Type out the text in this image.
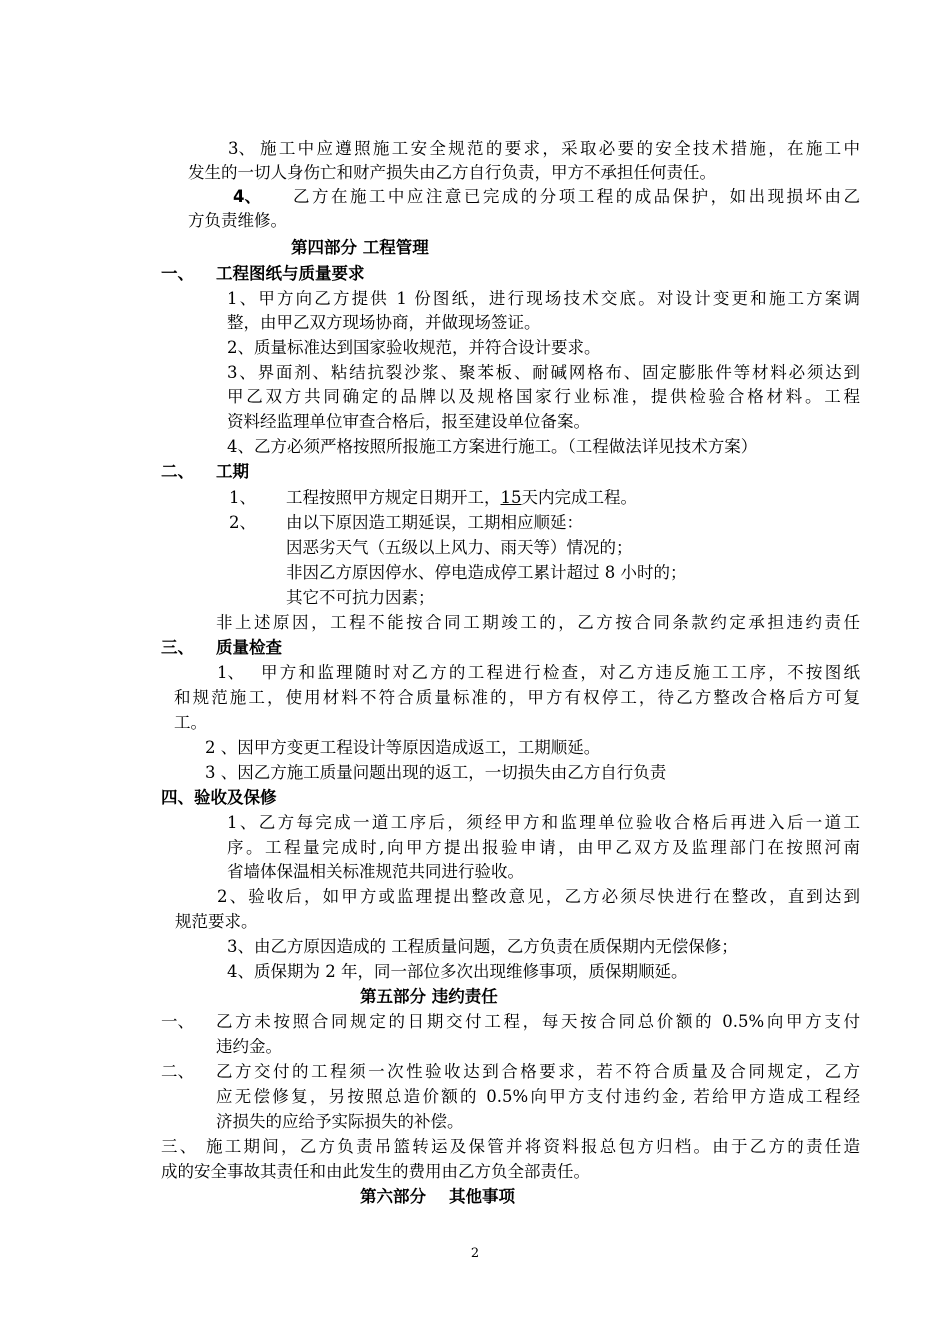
3、 施工中应遵照施工安全规范的要求，采取必要的安全技术措施，在施工中
发生的一切人身伤亡和财产损失由乙方自行负责，甲方不承担任何责任。
4、 乙方在施工中应注意已完成的分项工程的成品保护，如出现损坏由乙
方负责维修。
第四部分 工程管理
一、 工程图纸与质量要求
1、甲方向乙方提供 1 份图纸，进行现场技术交底。对设计变更和施工方案调
整，由甲乙双方现场协商，并做现场签证。
2、质量标准达到国家验收规范，并符合设计要求。
3、界面剂、粘结抗裂沙浆、聚苯板、耐碱网格布、固定膨胀件等材料必须达到
甲乙双方共同确定的品牌以及规格国家行业标准，提供检验合格材料。工程
资料经监理单位审查合格后，报至建设单位备案。
4、乙方必须严格按照所报施工方案进行施工。（工程做法详见技术方案）
二、 工期
1、 工程按照甲方规定日期开工，15天内完成工程。
2、 由以下原因造工期延误，工期相应顺延：
因恶劣天气（五级以上风力、雨天等）情况的；
非因乙方原因停水、停电造成停工累计超过 8 小时的；
其它不可抗力因素；
非上述原因，工程不能按合同工期竣工的，乙方按合同条款约定承担违约责任
三、 质量检查
1、 甲方和监理随时对乙方的工程进行检查，对乙方违反施工工序，不按图纸
和规范施工，使用材料不符合质量标准的，甲方有权停工，待乙方整改合格后方可复
工。
2 、因甲方变更工程设计等原因造成返工，工期顺延。
3 、因乙方施工质量问题出现的返工，一切损失由乙方自行负责
四、验收及保修
1、乙方每完成一道工序后，须经甲方和监理单位验收合格后再进入后一道工
序。工程量完成时,向甲方提出报验申请，由甲乙双方及监理部门在按照河南
省墙体保温相关标准规范共同进行验收。
2、验收后，如甲方或监理提出整改意见，乙方必须尽快进行在整改，直到达到
规范要求。
3、由乙方原因造成的 工程质量问题，乙方负责在质保期内无偿保修；
4、质保期为 2 年，同一部位多次出现维修事项，质保期顺延。
第五部分 违约责任
一、 乙方未按照合同规定的日期交付工程，每天按合同总价额的 0.5%向甲方支付
违约金。
二、 乙方交付的工程须一次性验收达到合格要求，若不符合质量及合同规定，乙方
应无偿修复，另按照总造价额的 0.5%向甲方支付违约金, 若给甲方造成工程经
济损失的应给予实际损失的补偿。
三、 施工期间，乙方负责吊篮转运及保管并将资料报总包方归档。由于乙方的责任造
成的安全事故其责任和由此发生的费用由乙方负全部责任。
第六部分    其他事项
2
